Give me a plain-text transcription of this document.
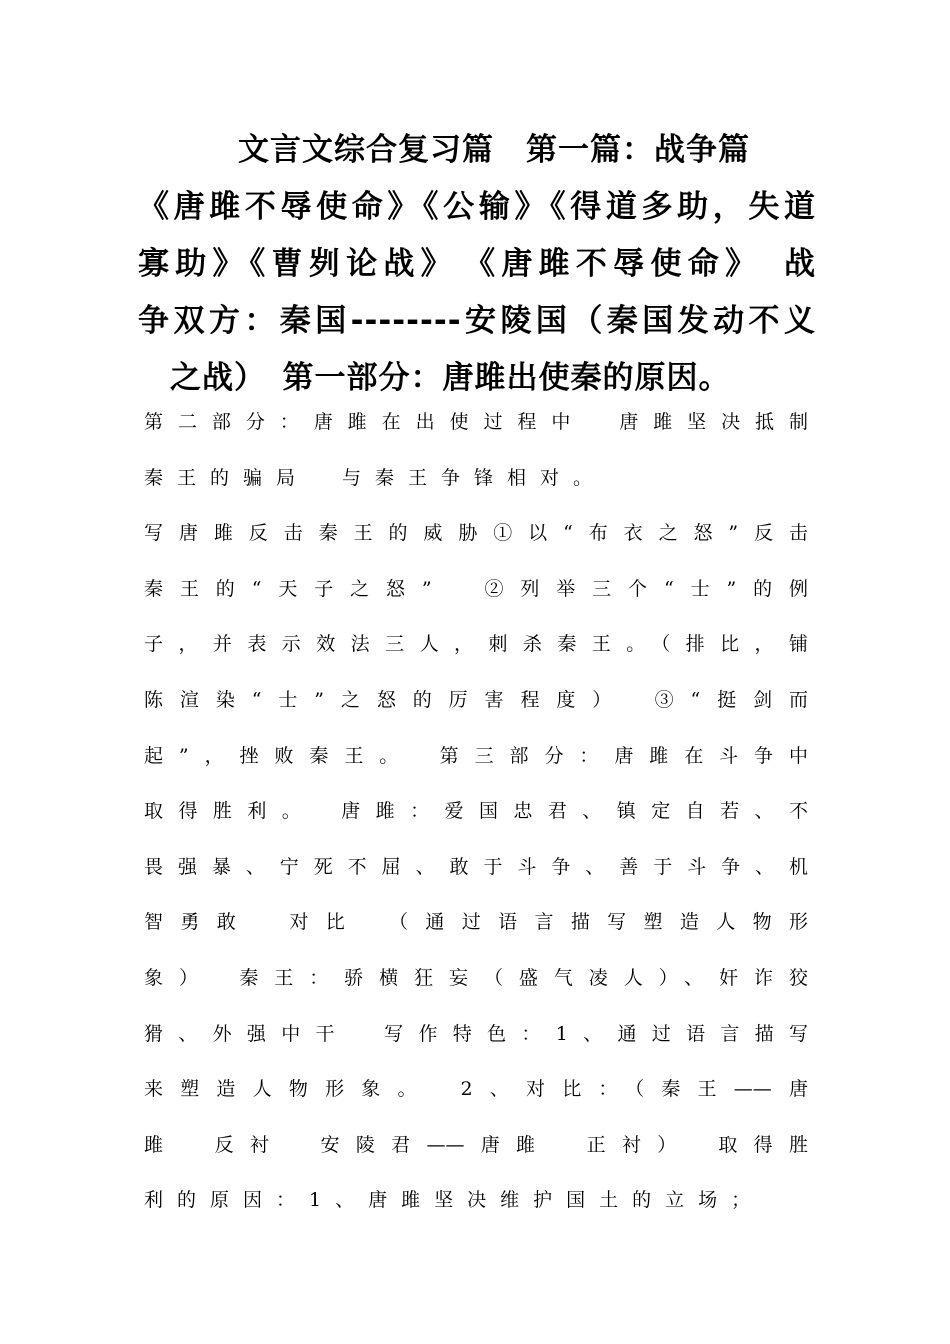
文言文综合复习篇　第一篇：战争篇
《唐雎不辱使命》《公输》《得道多助，失道
寡助》《曹刿论战》　《唐雎不辱使命》　战
争双方：秦国--------安陵国（秦国发动不义
之战）　第一部分：唐雎出使秦的原因。
第二部分：唐雎在出使过程中　唐雎坚决抵制
秦王的骗局　与秦王争锋相对。
写唐雎反击秦王的威胁①以“布衣之怒”反击
秦王的“天子之怒”　②列举三个“士”的例
子，并表示效法三人，刺杀秦王。（排比，铺
陈渲染“士”之怒的厉害程度）　③“挺剑而
起”，挫败秦王。　第三部分：唐雎在斗争中
取得胜利。　唐雎：爱国忠君、镇定自若、不
畏强暴、宁死不屈、敢于斗争、善于斗争、机
智勇敢　对比　（通过语言描写塑造人物形
象）　秦王：骄横狂妄（盛气凌人）、奸诈狡
猾、外强中干　写作特色：1、通过语言描写
来塑造人物形象。　2、对比：（秦王——唐
雎　反衬　安陵君——唐雎　正衬）　取得胜
利的原因：1、唐雎坚决维护国土的立场；
